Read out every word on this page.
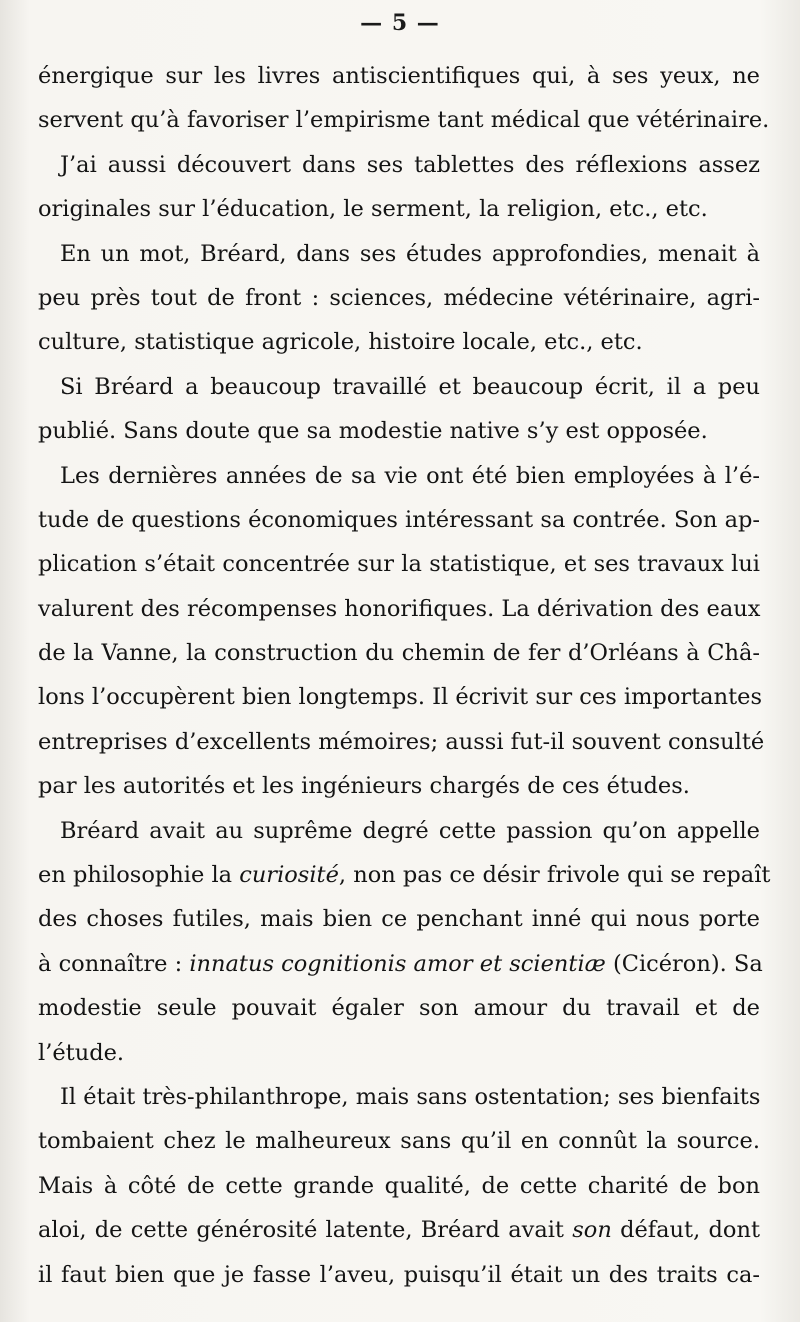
— 5 —
énergique sur les livres antiscientifiques qui, à ses yeux, ne
servent qu’à favoriser l’empirisme tant médical que vétérinaire.
J’ai aussi découvert dans ses tablettes des réflexions assez
originales sur l’éducation, le serment, la religion, etc., etc.
En un mot, Bréard, dans ses études approfondies, menait à
peu près tout de front : sciences, médecine vétérinaire, agri-
culture, statistique agricole, histoire locale, etc., etc.
Si Bréard a beaucoup travaillé et beaucoup écrit, il a peu
publié. Sans doute que sa modestie native s’y est opposée.
Les dernières années de sa vie ont été bien employées à l’é-
tude de questions économiques intéressant sa contrée. Son ap-
plication s’était concentrée sur la statistique, et ses travaux lui
valurent des récompenses honorifiques. La dérivation des eaux
de la Vanne, la construction du chemin de fer d’Orléans à Châ-
lons l’occupèrent bien longtemps. Il écrivit sur ces importantes
entreprises d’excellents mémoires; aussi fut-il souvent consulté
par les autorités et les ingénieurs chargés de ces études.
Bréard avait au suprême degré cette passion qu’on appelle
en philosophie la curiosité, non pas ce désir frivole qui se repaît
des choses futiles, mais bien ce penchant inné qui nous porte
à connaître : innatus cognitionis amor et scientiæ (Cicéron). Sa
modestie seule pouvait égaler son amour du travail et de
l’étude.
Il était très-philanthrope, mais sans ostentation; ses bienfaits
tombaient chez le malheureux sans qu’il en connût la source.
Mais à côté de cette grande qualité, de cette charité de bon
aloi, de cette générosité latente, Bréard avait son défaut, dont
il faut bien que je fasse l’aveu, puisqu’il était un des traits ca-
